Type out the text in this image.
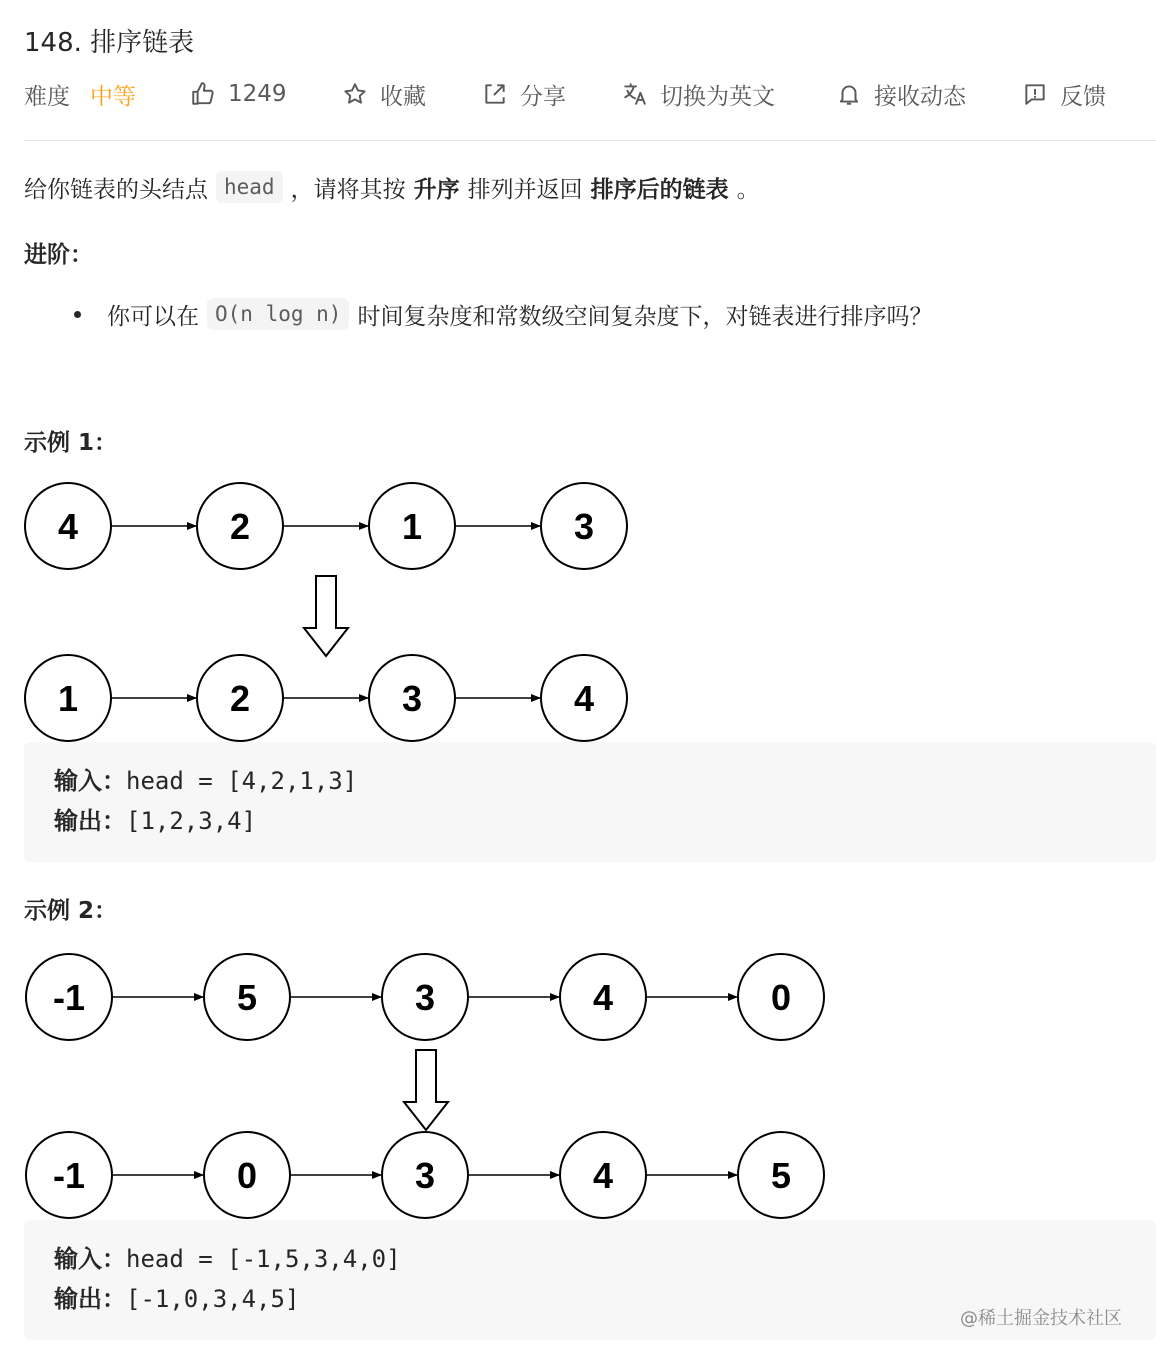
148. 排序链表
难度 中等	1249	收藏	分享	切换为英文	接收动态	反馈
给你链表的头结点 head ，请将其按 升序 排列并返回 排序后的链表 。
进阶：
你可以在 O(n log n) 时间复杂度和常数级空间复杂度下，对链表进行排序吗？
示例 1：
4	2	1	3
1	2	3	4
输入：head = [4,2,1,3]
输出：[1,2,3,4]
示例 2：
-1	5	3	4	0
-1	0	3	4	5
输入：head = [-1,5,3,4,0]
输出：[-1,0,3,4,5]
@稀土掘金技术社区
